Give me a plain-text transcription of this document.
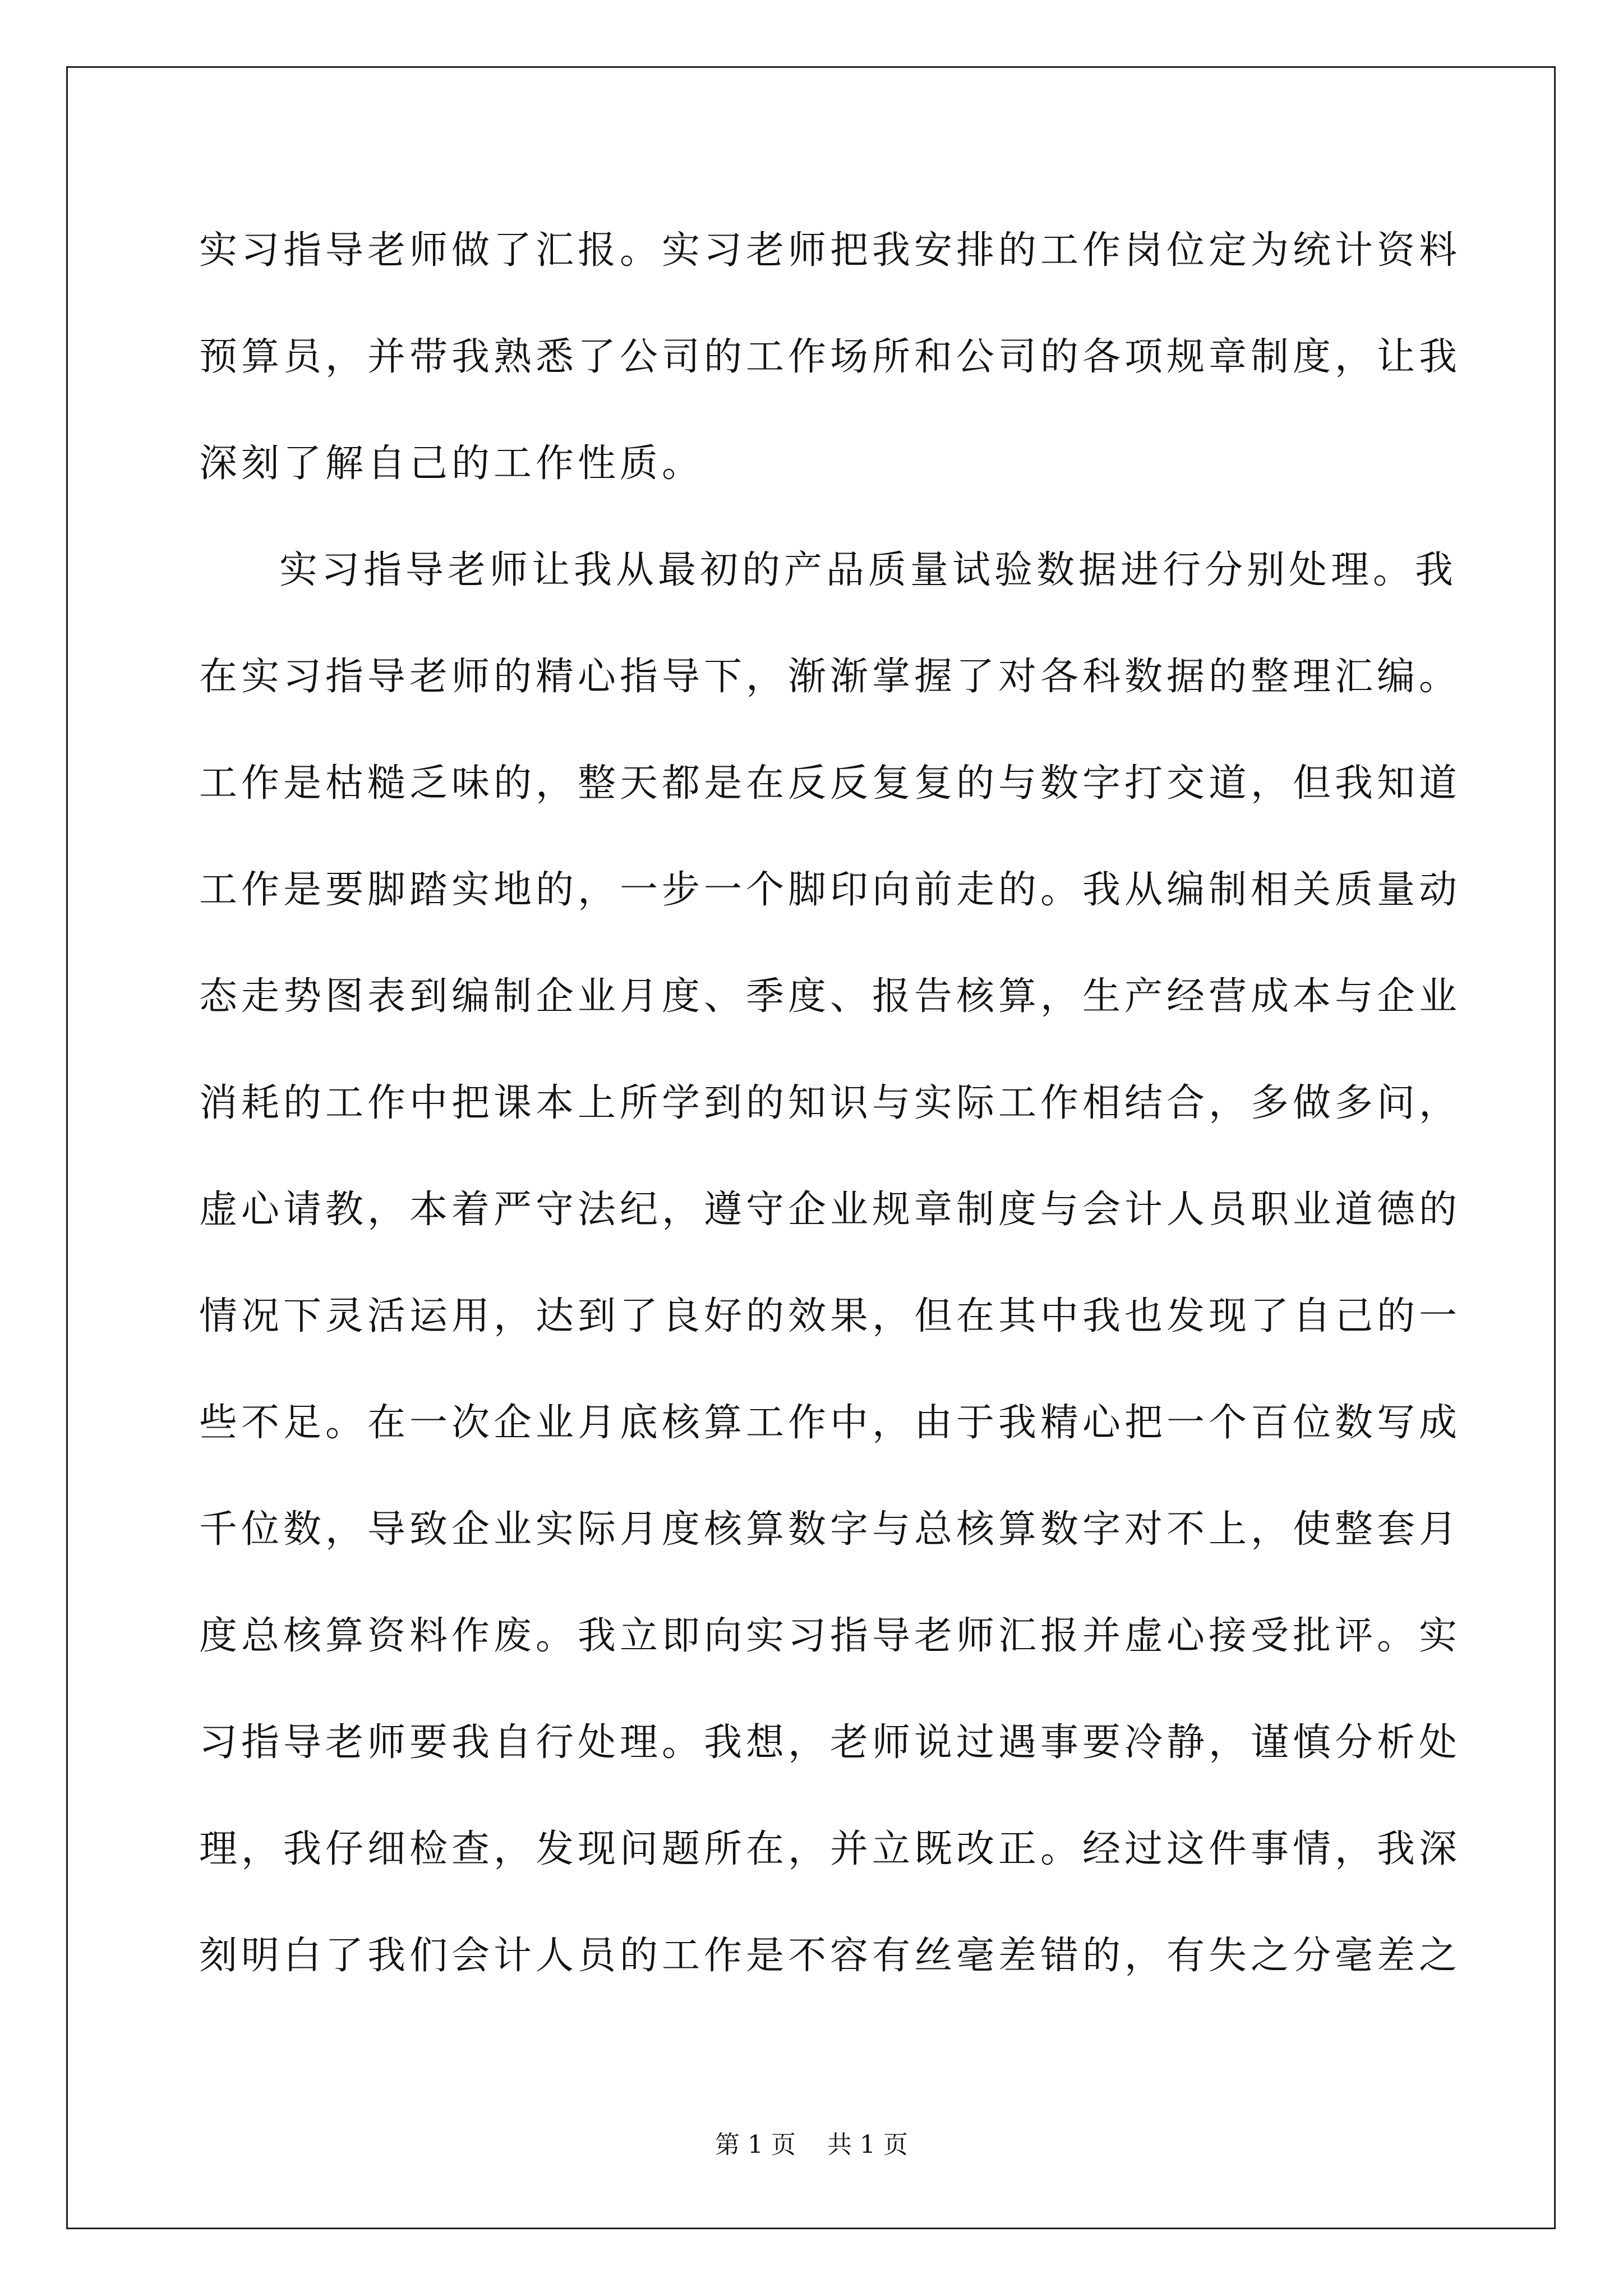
实习指导老师做了汇报。实习老师把我安排的工作岗位定为统计资料
预算员，并带我熟悉了公司的工作场所和公司的各项规章制度，让我
深刻了解自己的工作性质。
实习指导老师让我从最初的产品质量试验数据进行分别处理。我
在实习指导老师的精心指导下，渐渐掌握了对各科数据的整理汇编。
工作是枯糙乏味的，整天都是在反反复复的与数字打交道，但我知道
工作是要脚踏实地的，一步一个脚印向前走的。我从编制相关质量动
态走势图表到编制企业月度、季度、报告核算，生产经营成本与企业
消耗的工作中把课本上所学到的知识与实际工作相结合，多做多问，
虚心请教，本着严守法纪，遵守企业规章制度与会计人员职业道德的
情况下灵活运用，达到了良好的效果，但在其中我也发现了自己的一
些不足。在一次企业月底核算工作中，由于我精心把一个百位数写成
千位数，导致企业实际月度核算数字与总核算数字对不上，使整套月
度总核算资料作废。我立即向实习指导老师汇报并虚心接受批评。实
习指导老师要我自行处理。我想，老师说过遇事要冷静，谨慎分析处
理，我仔细检查，发现问题所在，并立既改正。经过这件事情，我深
刻明白了我们会计人员的工作是不容有丝毫差错的，有失之分毫差之
第 1 页    共 1 页
